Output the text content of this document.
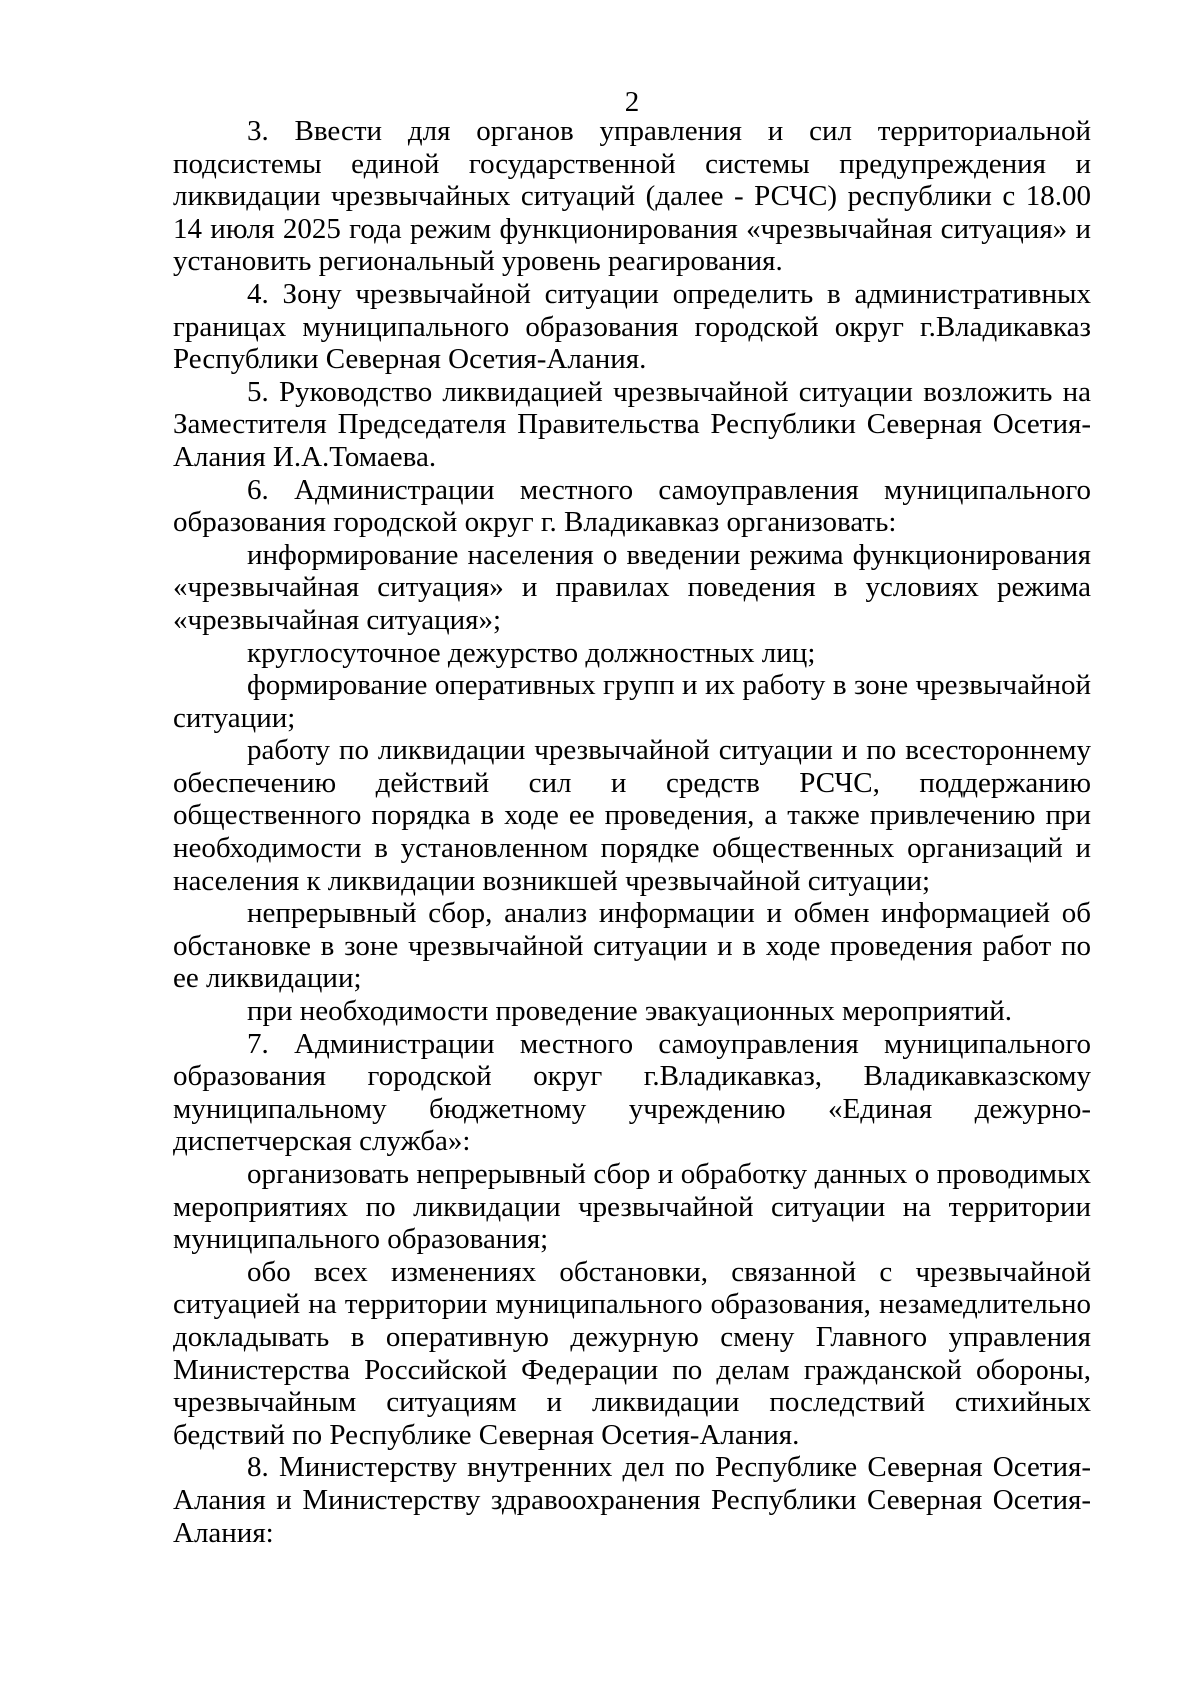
2

3. Ввести для органов управления и сил территориальной подсистемы единой государственной системы предупреждения и ликвидации чрезвычайных ситуаций (далее - РСЧС) республики с 18.00 14 июля 2025 года режим функционирования «чрезвычайная ситуация» и установить региональный уровень реагирования.

4. Зону чрезвычайной ситуации определить в административных границах муниципального образования городской округ г.Владикавказ Республики Северная Осетия-Алания.

5. Руководство ликвидацией чрезвычайной ситуации возложить на Заместителя Председателя Правительства Республики Северная Осетия-Алания И.А.Томаева.

6. Администрации местного самоуправления муниципального образования городской округ г. Владикавказ организовать:

информирование населения о введении режима функционирования «чрезвычайная ситуация» и правилах поведения в условиях режима «чрезвычайная ситуация»;

круглосуточное дежурство должностных лиц;

формирование оперативных групп и их работу в зоне чрезвычайной ситуации;

работу по ликвидации чрезвычайной ситуации и по всестороннему обеспечению действий сил и средств РСЧС, поддержанию общественного порядка в ходе ее проведения, а также привлечению при необходимости в установленном порядке общественных организаций и населения к ликвидации возникшей чрезвычайной ситуации;

непрерывный сбор, анализ информации и обмен информацией об обстановке в зоне чрезвычайной ситуации и в ходе проведения работ по ее ликвидации;

при необходимости проведение эвакуационных мероприятий.

7. Администрации местного самоуправления муниципального образования городской округ г.Владикавказ, Владикавказскому муниципальному бюджетному учреждению «Единая дежурно-диспетчерская служба»:

организовать непрерывный сбор и обработку данных о проводимых мероприятиях по ликвидации чрезвычайной ситуации на территории муниципального образования;

обо всех изменениях обстановки, связанной с чрезвычайной ситуацией на территории муниципального образования, незамедлительно докладывать в оперативную дежурную смену Главного управления Министерства Российской Федерации по делам гражданской обороны, чрезвычайным ситуациям и ликвидации последствий стихийных бедствий по Республике Северная Осетия-Алания.

8. Министерству внутренних дел по Республике Северная Осетия-Алания и Министерству здравоохранения Республики Северная Осетия-Алания:
